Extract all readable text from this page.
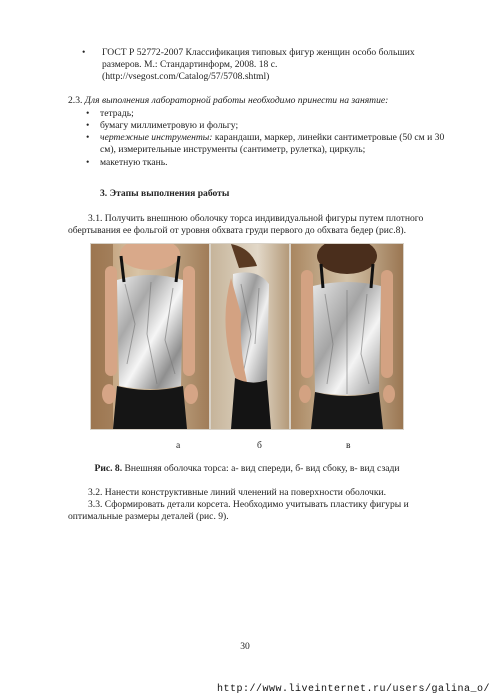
• ГОСТ Р 52772-2007 Классификация типовых фигур женщин особо больших
размеров. М.: Стандартинформ, 2008. 18 с.
(http://vsegost.com/Catalog/57/5708.shtml)
2.3. Для выполнения лабораторной работы необходимо принести на занятие:
• тетрадь;
• бумагу миллиметровую и фольгу;
• чертежные инструменты: карандаши, маркер, линейки сантиметровые (50 см и 30
см), измерительные инструменты (сантиметр, рулетка), циркуль;
• макетную ткань.
3. Этапы выполнения работы
3.1. Получить внешнюю оболочку торса индивидуальной фигуры путем плотного
обертывания ее фольгой от уровня обхвата груди первого до обхвата бедер (рис.8).
а	б	в
Рис. 8. Внешняя оболочка торса: а- вид спереди, б- вид сбоку, в- вид сзади
3.2. Нанести конструктивные линий членений на поверхности оболочки.
3.3. Сформировать детали корсета. Необходимо учитывать пластику фигуры и
оптимальные размеры деталей (рис. 9).
30
http://www.liveinternet.ru/users/galina_o/
